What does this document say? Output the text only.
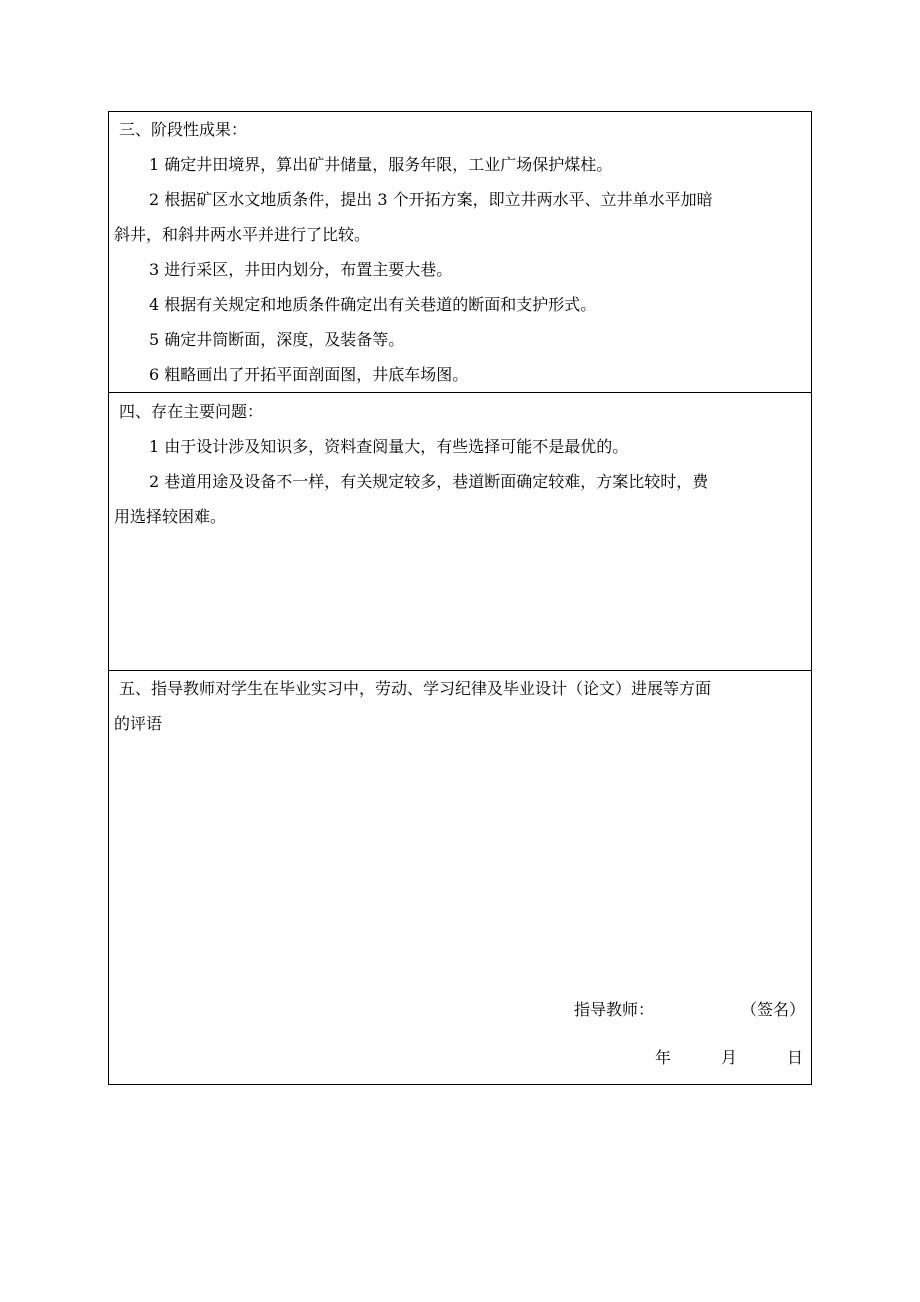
三、阶段性成果：
1 确定井田境界，算出矿井储量，服务年限，工业广场保护煤柱。
2 根据矿区水文地质条件，提出 3 个开拓方案，即立井两水平、立井单水平加暗
斜井，和斜井两水平并进行了比较。
3 进行采区，井田内划分，布置主要大巷。
4 根据有关规定和地质条件确定出有关巷道的断面和支护形式。
5 确定井筒断面，深度，及装备等。
6 粗略画出了开拓平面剖面图，井底车场图。
四、存在主要问题：
1 由于设计涉及知识多，资料查阅量大，有些选择可能不是最优的。
2 巷道用途及设备不一样，有关规定较多，巷道断面确定较难，方案比较时，费
用选择较困难。
五、指导教师对学生在毕业实习中，劳动、学习纪律及毕业设计（论文）进展等方面
的评语
指导教师：	（签名）
年	月	日
